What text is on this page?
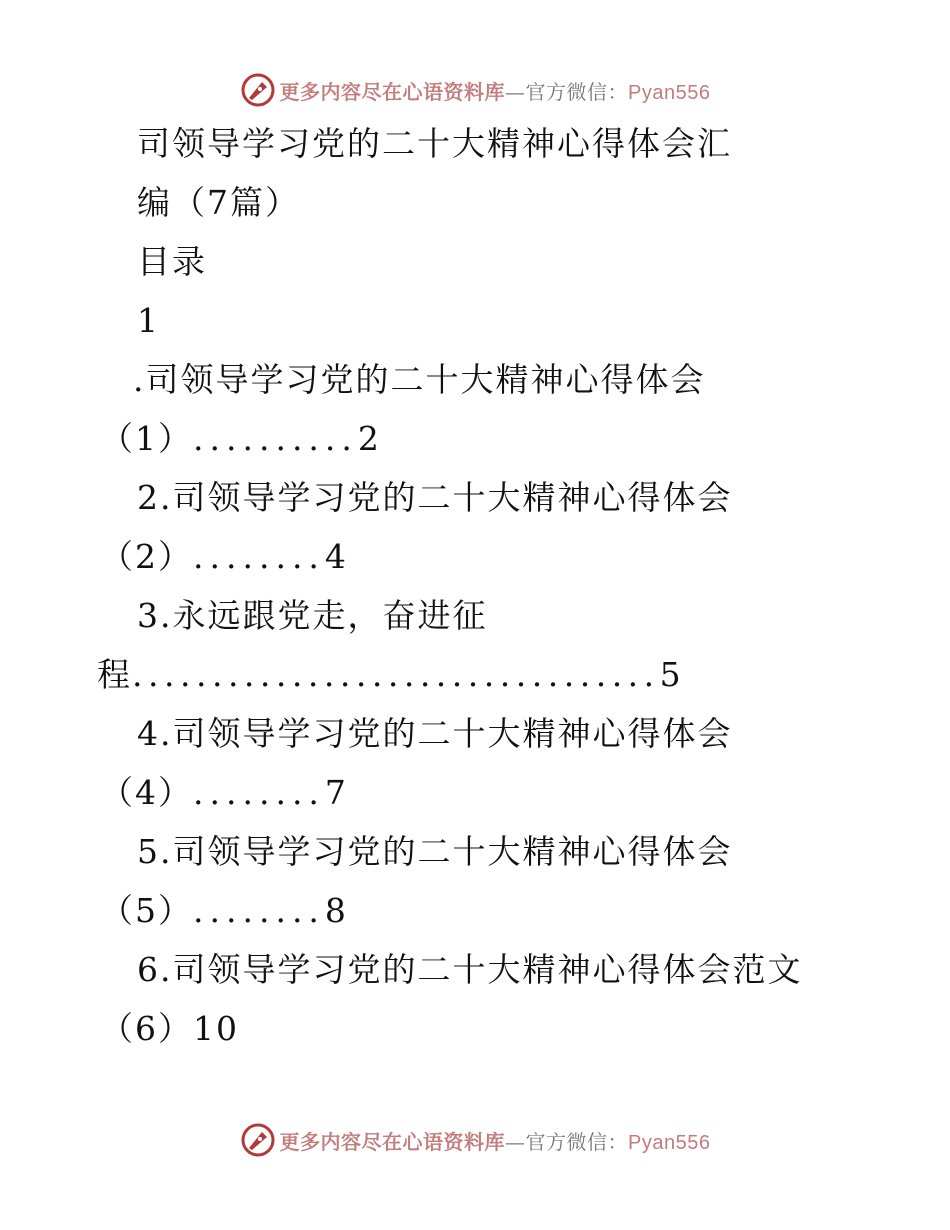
更多内容尽在心语资料库—官方微信：Pyan556
司领导学习党的二十大精神心得体会汇
编（7篇）
目录
1
.司领导学习党的二十大精神心得体会
（1）..........2
2.司领导学习党的二十大精神心得体会
（2）........4
3.永远跟党走，奋进征
程.................................5
4.司领导学习党的二十大精神心得体会
（4）........7
5.司领导学习党的二十大精神心得体会
（5）........8
6.司领导学习党的二十大精神心得体会范文
（6）10
更多内容尽在心语资料库—官方微信：Pyan556
